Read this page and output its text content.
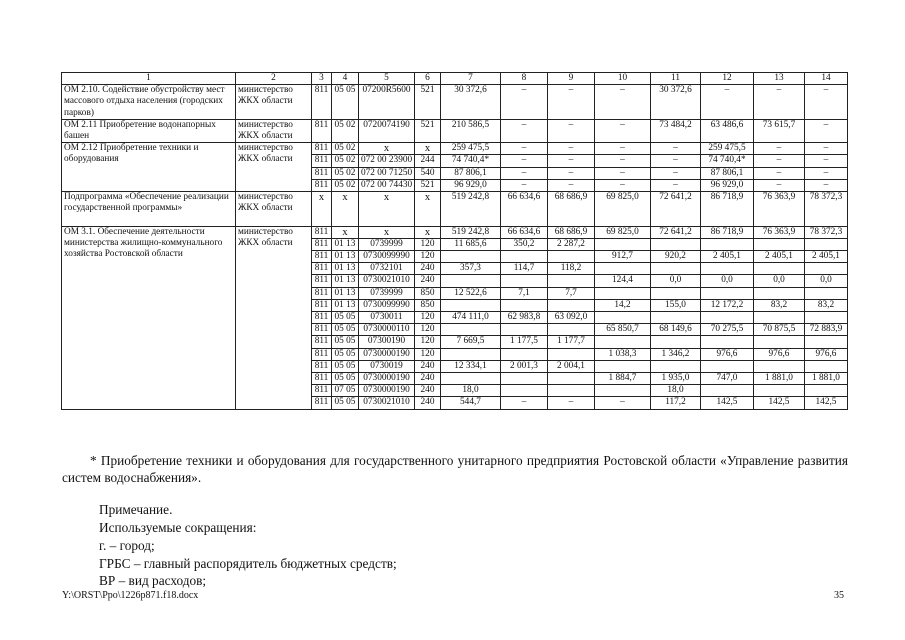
1	2	3	4	5	6	7	8	9	10	11	12	13	14
ОМ 2.10. Содействие обустройству мест массового отдыха населения (городских парков)	министерство ЖКХ области	811	05 05	07200R5600	521	30 372,6	–	–	–	30 372,6	–	–	–
ОМ 2.11 Приобретение водонапорных башен	министерство ЖКХ области	811	05 02	0720074190	521	210 586,5	–	–	–	73 484,2	63 486,6	73 615,7	–
ОМ 2.12 Приобретение техники и оборудования	министерство ЖКХ области	811	05 02	x	x	259 475,5	–	–	–	–	259 475,5	–	–
		811	05 02	072 00 23900	244	74 740,4*	–	–	–	–	74 740,4*	–	–
		811	05 02	072 00 71250	540	87 806,1	–	–	–	–	87 806,1	–	–
		811	05 02	072 00 74430	521	96 929,0	–	–	–	–	96 929,0	–	–
Подпрограмма «Обеспечение реализации государственной программы»	министерство ЖКХ области	x	x	x	x	519 242,8	66 634,6	68 686,9	69 825,0	72 641,2	86 718,9	76 363,9	78 372,3
ОМ 3.1. Обеспечение деятельности министерства жилищно-коммунального хозяйства Ростовской области	министерство ЖКХ области	811	x	x	x	519 242,8	66 634,6	68 686,9	69 825,0	72 641,2	86 718,9	76 363,9	78 372,3
		811	01 13	0739999	120	11 685,6	350,2	2 287,2					
		811	01 13	0730099990	120				912,7	920,2	2 405,1	2 405,1	2 405,1
		811	01 13	0732101	240	357,3	114,7	118,2					
		811	01 13	0730021010	240				124,4	0,0	0,0	0,0	0,0
		811	01 13	0739999	850	12 522,6	7,1	7,7					
		811	01 13	0730099990	850				14,2	155,0	12 172,2	83,2	83,2
		811	05 05	0730011	120	474 111,0	62 983,8	63 092,0					
		811	05 05	0730000110	120				65 850,7	68 149,6	70 275,5	70 875,5	72 883,9
		811	05 05	07300190	120	7 669,5	1 177,5	1 177,7					
		811	05 05	0730000190	120				1 038,3	1 346,2	976,6	976,6	976,6
		811	05 05	0730019	240	12 334,1	2 001,3	2 004,1					
		811	05 05	0730000190	240				1 884,7	1 935,0	747,0	1 881,0	1 881,0
		811	07 05	0730000190	240	18,0				18,0			
		811	05 05	0730021010	240	544,7	–	–	–	117,2	142,5	142,5	142,5

* Приобретение техники и оборудования для государственного унитарного предприятия Ростовской области «Управление развития систем водоснабжения».

Примечание.

Используемые сокращения:

г. – город;

ГРБС – главный распорядитель бюджетных средств;

ВР – вид расходов;

Y:\ORST\Ppo\1226p871.f18.docx	35
